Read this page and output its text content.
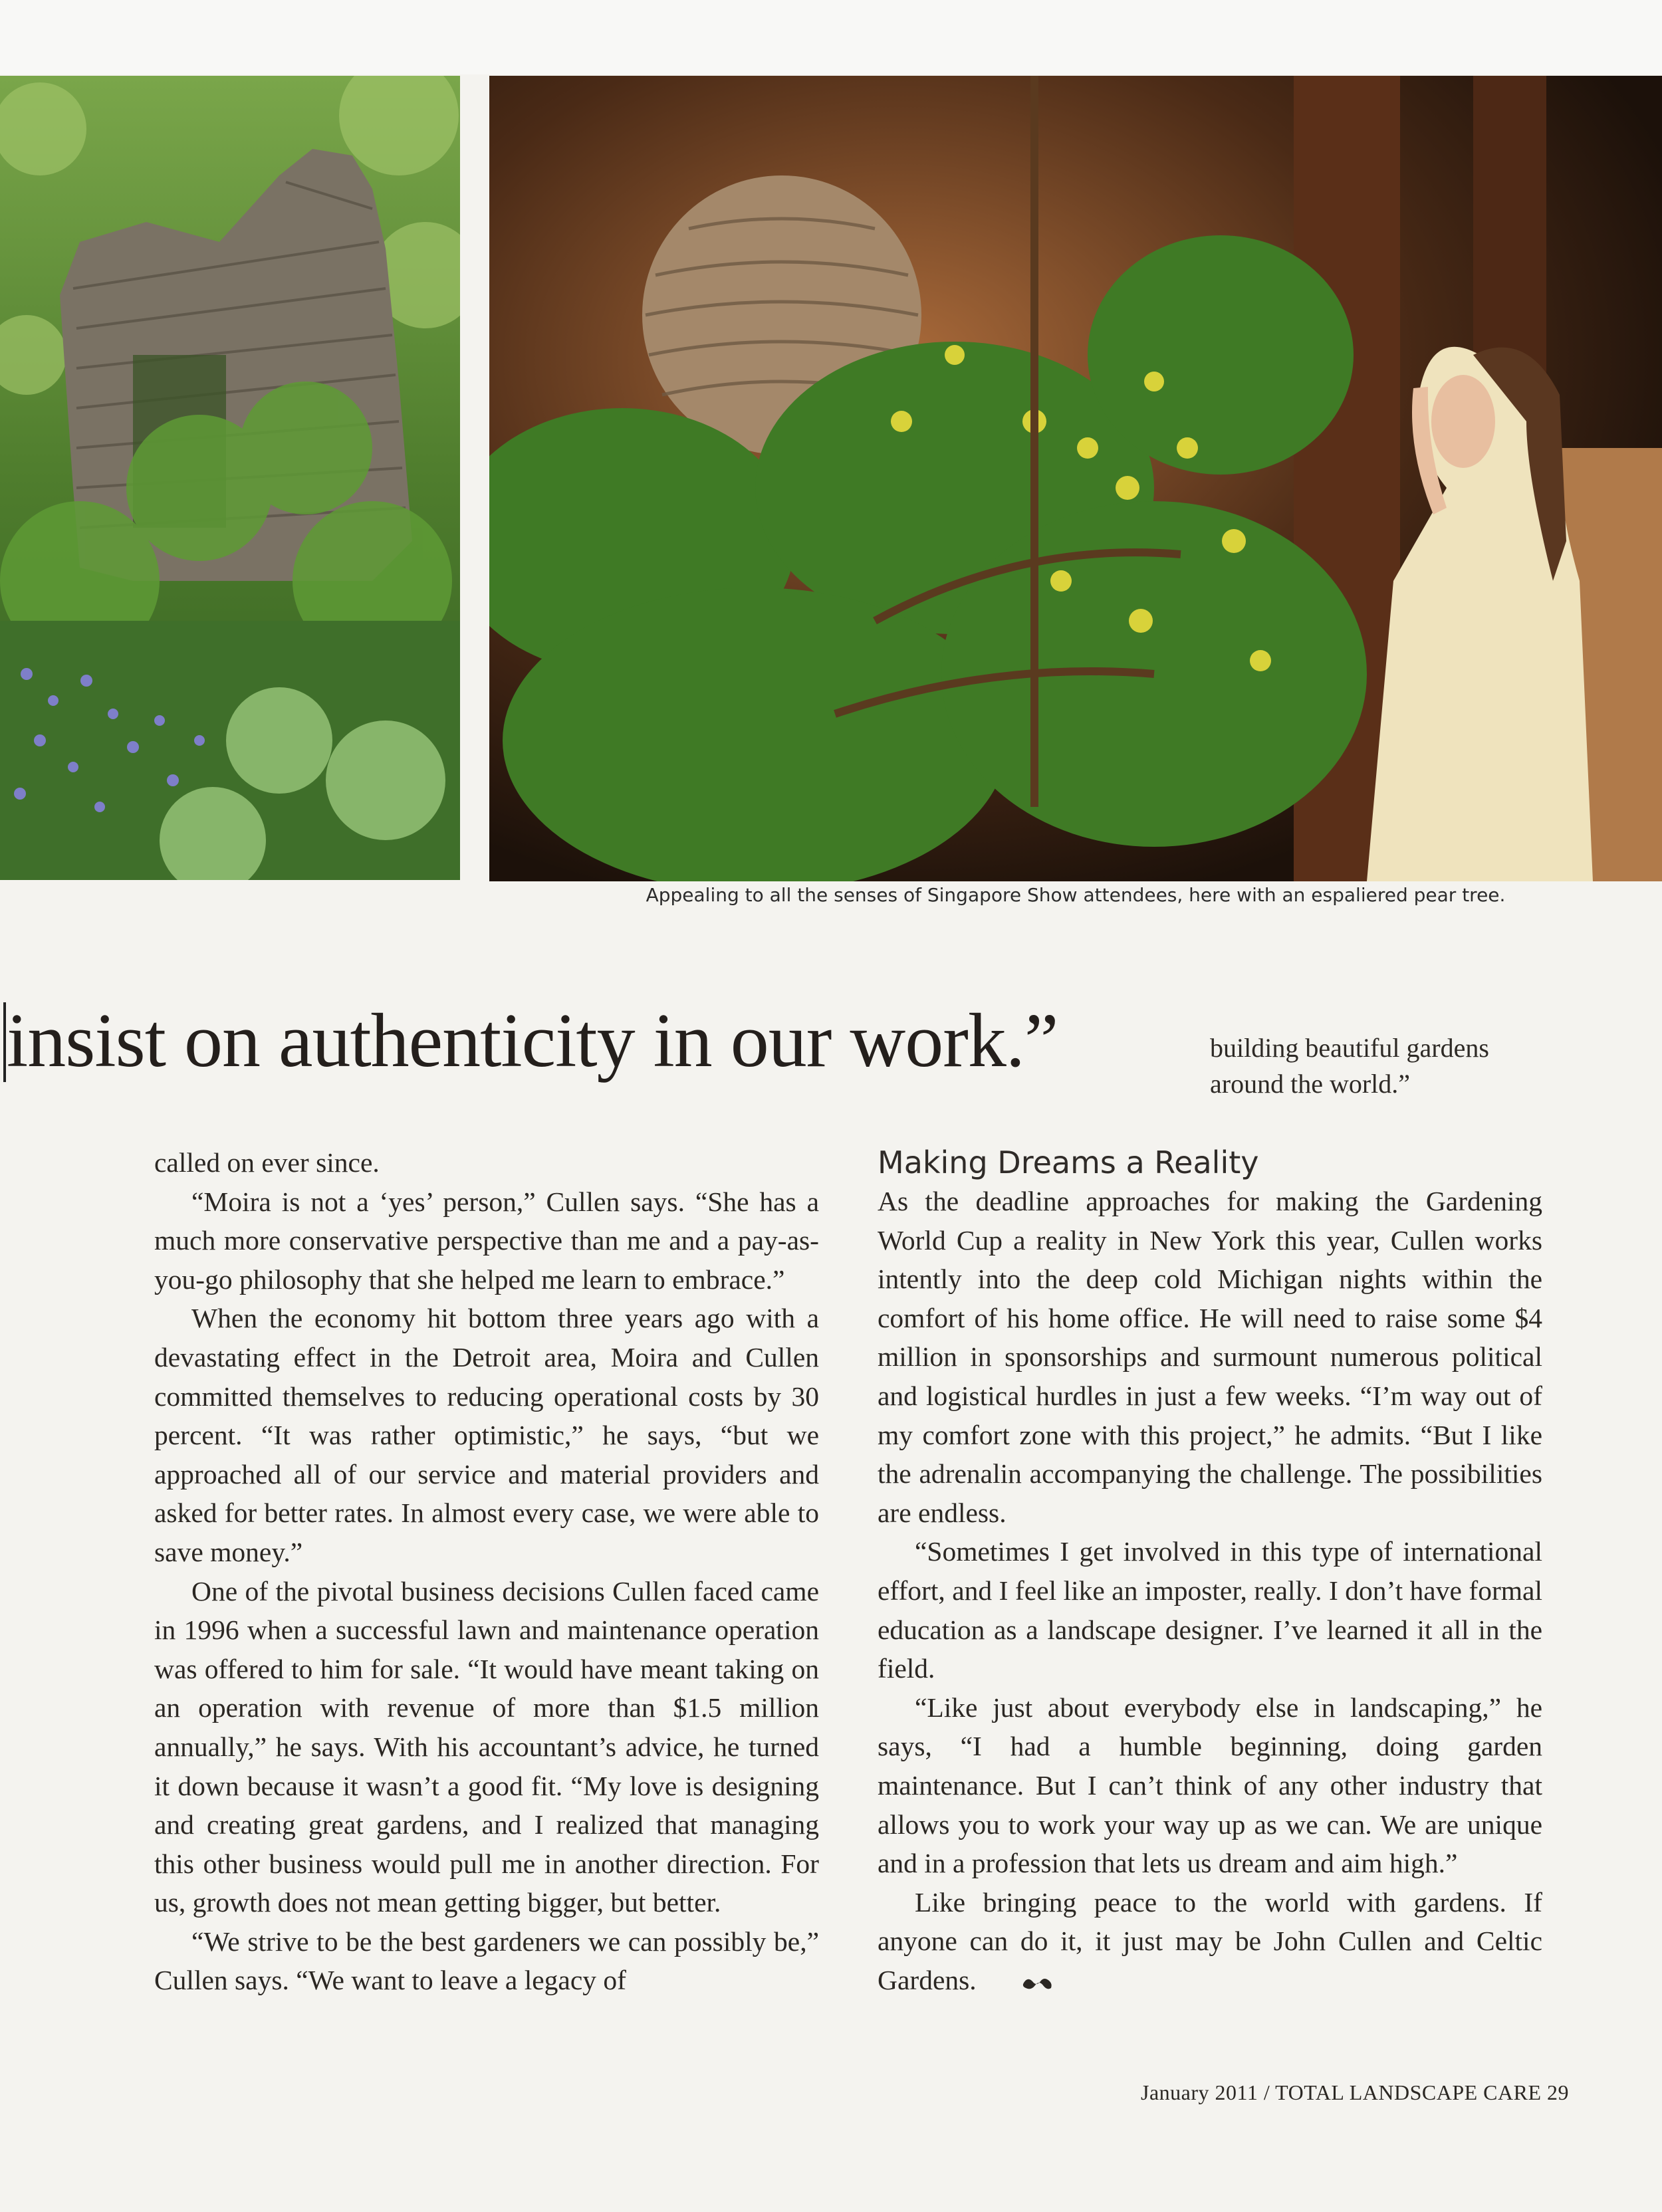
Appealing to all the senses of Singapore Show attendees, here with an espaliered pear tree.
insist on authenticity in our work.”	building beautiful gardens
around the world.”

called on ever since.

“Moira is not a ‘yes’ person,” Cullen says. “She has a much more conservative perspective than me and a pay-as-you-go philosophy that she helped me learn to embrace.”

When the economy hit bottom three years ago with a devastating effect in the Detroit area, Moira and Cullen committed themselves to reducing operational costs by 30 percent. “It was rather optimistic,” he says, “but we approached all of our service and material providers and asked for better rates. In almost every case, we were able to save money.”

One of the pivotal business decisions Cullen faced came in 1996 when a successful lawn and maintenance operation was offered to him for sale. “It would have meant taking on an operation with revenue of more than $1.5 million annually,” he says. With his accountant’s advice, he turned it down because it wasn’t a good fit. “My love is designing and creating great gardens, and I realized that managing this other business would pull me in another direction. For us, growth does not mean getting bigger, but better.

“We strive to be the best gardeners we can possibly be,” Cullen says. “We want to leave a legacy of

Making Dreams a Reality

As the deadline approaches for making the Gardening World Cup a reality in New York this year, Cullen works intently into the deep cold Michigan nights within the comfort of his home office. He will need to raise some $4 million in sponsorships and surmount numerous political and logistical hurdles in just a few weeks. “I’m way out of my comfort zone with this project,” he admits. “But I like the adrenalin accompanying the challenge. The possibilities are endless.

“Sometimes I get involved in this type of international effort, and I feel like an imposter, really. I don’t have formal education as a landscape designer. I’ve learned it all in the field.

“Like just about everybody else in landscaping,” he says, “I had a humble beginning, doing garden maintenance. But I can’t think of any other industry that allows you to work your way up as we can. We are unique and in a profession that lets us dream and aim high.”

Like bringing peace to the world with gardens. If anyone can do it, it just may be John Cullen and Celtic Gardens.

January 2011 / TOTAL LANDSCAPE CARE 29
